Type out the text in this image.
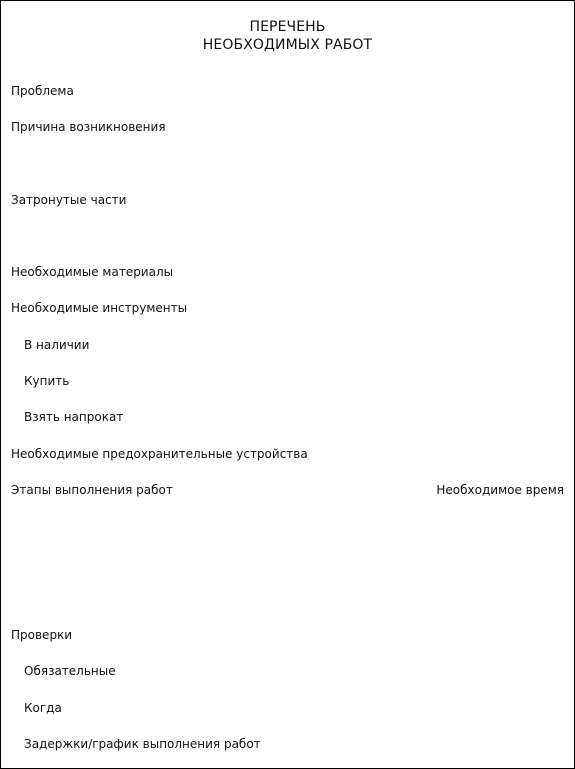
ПЕРЕЧЕНЬ
НЕОБХОДИМЫХ РАБОТ
Проблема
Причина возникновения
Затронутые части
Необходимые материалы
Необходимые инструменты
В наличии
Купить
Взять напрокат
Необходимые предохранительные устройства
Этапы выполнения работ	Необходимое время
Проверки
Обязательные
Когда
Задержки/график выполнения работ
